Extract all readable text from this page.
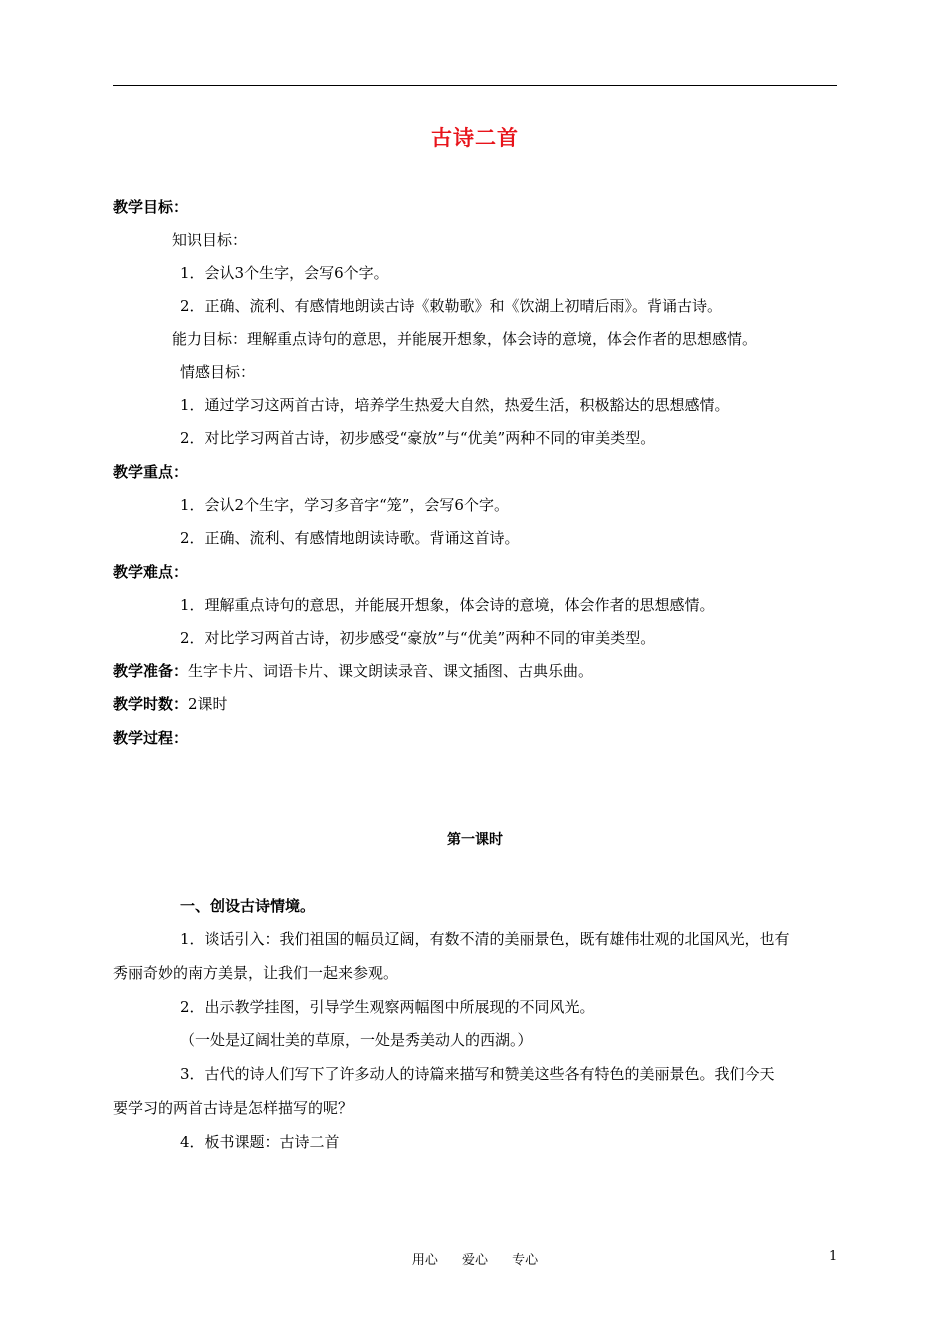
古诗二首
教学目标：
知识目标：
1．会认3个生字，会写6个字。
2．正确、流利、有感情地朗读古诗《敕勒歌》和《饮湖上初晴后雨》。背诵古诗。
能力目标：理解重点诗句的意思，并能展开想象，体会诗的意境，体会作者的思想感情。
情感目标：
1．通过学习这两首古诗，培养学生热爱大自然，热爱生活，积极豁达的思想感情。
2．对比学习两首古诗，初步感受“豪放”与“优美”两种不同的审美类型。
教学重点：
1．会认2个生字，学习多音字“笼”，会写6个字。
2．正确、流利、有感情地朗读诗歌。背诵这首诗。
教学难点：
1．理解重点诗句的意思，并能展开想象，体会诗的意境，体会作者的思想感情。
2．对比学习两首古诗，初步感受“豪放”与“优美”两种不同的审美类型。
教学准备：生字卡片、词语卡片、课文朗读录音、课文插图、古典乐曲。
教学时数：2课时
教学过程：
第一课时
一、创设古诗情境。
1．谈话引入：我们祖国的幅员辽阔，有数不清的美丽景色，既有雄伟壮观的北国风光，也有
秀丽奇妙的南方美景，让我们一起来参观。
2．出示教学挂图，引导学生观察两幅图中所展现的不同风光。
（一处是辽阔壮美的草原，一处是秀美动人的西湖。）
3．古代的诗人们写下了许多动人的诗篇来描写和赞美这些各有特色的美丽景色。我们今天
要学习的两首古诗是怎样描写的呢？
4．板书课题：古诗二首
用心 爱心 专心	1
